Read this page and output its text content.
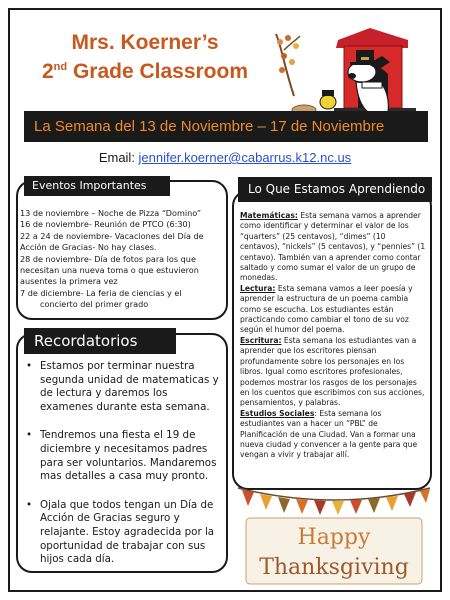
Mrs. Koerner’s
2nd Grade Classroom
La Semana del 13 de Noviembre – 17 de Noviembre
Email: jennifer.koerner@cabarrus.k12.nc.us
Eventos Importantes
13 de noviembre – Noche de Pizza “Domino”
16 de noviembre- Reunión de PTCO (6:30)
22 a 24 de noviembre- Vacaciones del Día de
Acción de Gracias- No hay clases.
28 de noviembre- Día de fotos para los que
necesitan una nueva toma o que estuvieron
ausentes la primera vez
7 de diciembre- La feria de ciencias y el
concierto del primer grado
Lo Que Estamos Aprendiendo

Matemáticas: Esta semana vamos a aprender como identificar y determinar el valor de los “quarters” (25 centavos), “dimes” (10 centavos), “nickels” (5 centavos), y “pennies” (1 centavo). También van a aprender como contar saltado y como sumar el valor de un grupo de monedas.

Lectura: Esta semana vamos a leer poesía y aprender la estructura de un poema cambia como se escucha. Los estudiantes están practicando como cambiar el tono de su voz según el humor del poema.

Escritura: Esta semana los estudiantes van a aprender que los escritores piensan profundamente sobre los personajes en los libros. Igual como escritores profesionales, podemos mostrar los rasgos de los personajes en los cuentos que escribimos con sus acciones, pensamientos, y palabras.

Estudios Sociales: Esta semana los estudiantes van a hacer un “PBL” de Planificación de una Ciudad. Van a formar una nueva ciudad y convencer a la gente para que vengan a vivir y trabajar allí.

Recordatorios
• Estamos por terminar nuestra segunda unidad de matematicas y de lectura y daremos los examenes durante esta semana.
• Tendremos una fiesta el 19 de diciembre y necesitamos padres para ser voluntarios. Mandaremos mas detalles a casa muy pronto.
• Ojala que todos tengan un Día de Acción de Gracias seguro y relajante. Estoy agradecida por la oportunidad de trabajar con sus hijos cada día.
Happy
Thanksgiving
